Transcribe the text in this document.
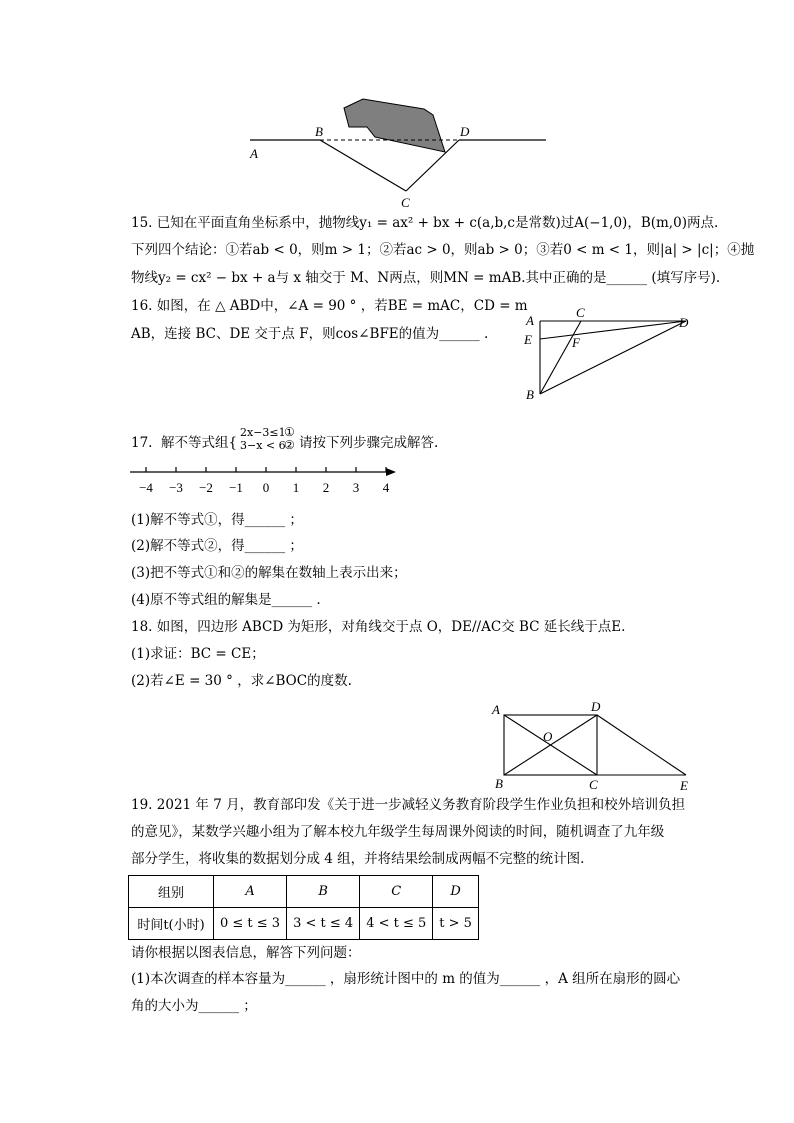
A
B
C
D
15. 已知在平面直角坐标系中，抛物线y₁ = ax² + bx + c(a,b,c是常数)过A(−1,0)，B(m,0)两点.
下列四个结论：①若ab < 0，则m > 1；②若ac > 0，则ab > 0；③若0 < m < 1，则|a| > |c|；④抛
物线y₂ = cx² − bx + a与 x 轴交于 M、N两点，则MN = mAB.其中正确的是______ (填写序号).
16. 如图，在 △ ABD中，∠A = 90 ° ，若BE = mAC，CD = m
AB，连接 BC、DE 交于点 F，则cos∠BFE的值为______ .
A
C
D
E	F
B
17. 解不等式组{
2x−3≤1
①
3−x < 6
② 请按下列步骤完成解答.
−4 −3 −2 −1 0 1 2 3 4
(1)解不等式①，得______ ；
(2)解不等式②，得______ ；
(3)把不等式①和②的解集在数轴上表示出来；
(4)原不等式组的解集是______ .
18. 如图，四边形 ABCD 为矩形，对角线交于点 O，DE//AC交 BC 延长线于点E.
(1)求证：BC = CE；
(2)若∠E = 30 ° ，求∠BOC的度数.
A	D
O
B	C	E
19. 2021 年 7 月，教育部印发《关于进一步减轻义务教育阶段学生作业负担和校外培训负担
的意见》，某数学兴趣小组为了解本校九年级学生每周课外阅读的时间，随机调查了九年级
部分学生，将收集的数据划分成 4 组，并将结果绘制成两幅不完整的统计图.
组别	A	B	C	D
时间t(小时)	0 ≤ t ≤ 3	3 < t ≤ 4	4 < t ≤ 5	t > 5
请你根据以图表信息，解答下列问题：
(1)本次调查的样本容量为______ ，扇形统计图中的 m 的值为______ ，A 组所在扇形的圆心
角的大小为______ ；
